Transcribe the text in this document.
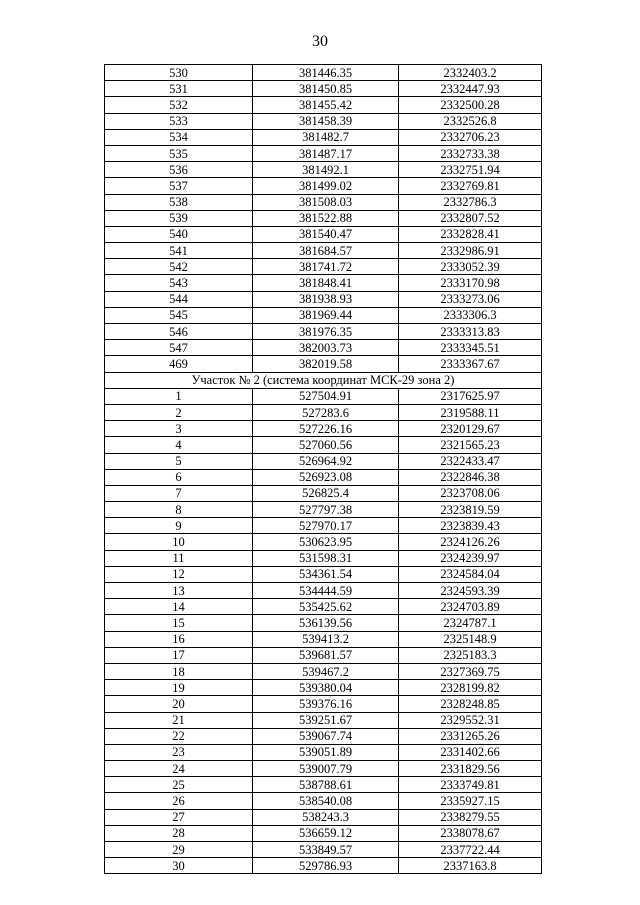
30
530	381446.35	2332403.2
531	381450.85	2332447.93
532	381455.42	2332500.28
533	381458.39	2332526.8
534	381482.7	2332706.23
535	381487.17	2332733.38
536	381492.1	2332751.94
537	381499.02	2332769.81
538	381508.03	2332786.3
539	381522.88	2332807.52
540	381540.47	2332828.41
541	381684.57	2332986.91
542	381741.72	2333052.39
543	381848.41	2333170.98
544	381938.93	2333273.06
545	381969.44	2333306.3
546	381976.35	2333313.83
547	382003.73	2333345.51
469	382019.58	2333367.67
Участок № 2 (система координат МСК-29 зона 2)		
1	527504.91	2317625.97
2	527283.6	2319588.11
3	527226.16	2320129.67
4	527060.56	2321565.23
5	526964.92	2322433.47
6	526923.08	2322846.38
7	526825.4	2323708.06
8	527797.38	2323819.59
9	527970.17	2323839.43
10	530623.95	2324126.26
11	531598.31	2324239.97
12	534361.54	2324584.04
13	534444.59	2324593.39
14	535425.62	2324703.89
15	536139.56	2324787.1
16	539413.2	2325148.9
17	539681.57	2325183.3
18	539467.2	2327369.75
19	539380.04	2328199.82
20	539376.16	2328248.85
21	539251.67	2329552.31
22	539067.74	2331265.26
23	539051.89	2331402.66
24	539007.79	2331829.56
25	538788.61	2333749.81
26	538540.08	2335927.15
27	538243.3	2338279.55
28	536659.12	2338078.67
29	533849.57	2337722.44
30	529786.93	2337163.8
